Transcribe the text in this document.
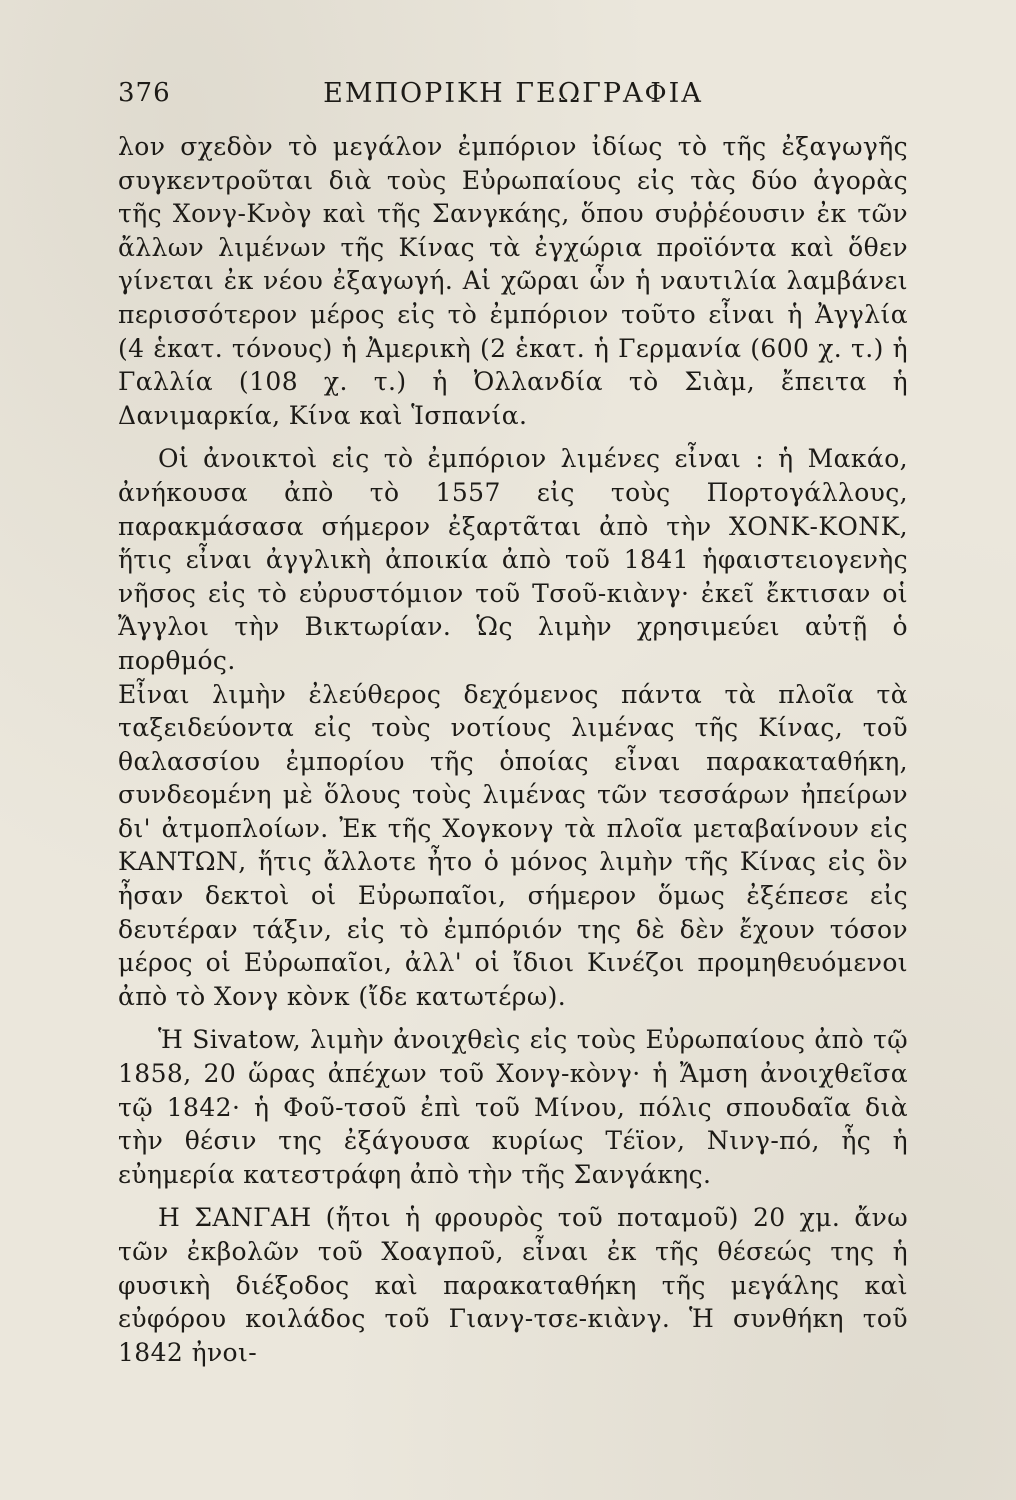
376	ΕΜΠΟΡΙΚΗ ΓΕΩΓΡΑΦΙΑ

λον σχεδὸν τὸ μεγάλον ἐμπόριον ἰδίως τὸ τῆς ἐξαγωγῆς συγκεντροῦται διὰ τοὺς Εὐρωπαίους εἰς τὰς δύο ἀγορὰς τῆς Χονγ-Κνὸγ καὶ τῆς Σανγκάης, ὅπου συῤῥέουσιν ἐκ τῶν ἄλλων λιμένων τῆς Κίνας τὰ ἐγχώρια προϊόντα καὶ ὅθεν γίνεται ἐκ νέου ἐξαγωγή. Αἱ χῶραι ὧν ἡ ναυτιλία λαμβάνει περισσότερον μέρος εἰς τὸ ἐμπόριον τοῦτο εἶναι ἡ Ἀγγλία (4 ἑκατ. τόνους) ἡ Ἀμερικὴ (2 ἑκατ. ἡ Γερμανία (600 χ. τ.) ἡ Γαλλία (108 χ. τ.) ἡ Ὀλλανδία τὸ Σιὰμ, ἔπειτα ἡ Δανιμαρκία, Κίνα καὶ Ἱσπανία.

Οἱ ἀνοικτοὶ εἰς τὸ ἐμπόριον λιμένες εἶναι : ἡ Μακάο, ἀνήκουσα ἀπὸ τὸ 1557 εἰς τοὺς Πορτογάλλους, παρακμάσασα σήμερον ἐξαρτᾶται ἀπὸ τὴν ΧΟΝΚ-ΚΟΝΚ, ἥτις εἶναι ἀγγλικὴ ἀποικία ἀπὸ τοῦ 1841 ἡφαιστειογενὴς νῆσος εἰς τὸ εὐρυστόμιον τοῦ Τσοῦ-κιὰνγ· ἐκεῖ ἔκτισαν οἱ Ἄγγλοι τὴν Βικτωρίαν. Ὡς λιμὴν χρησιμεύει αὐτῇ ὁ πορθμός.

Εἶναι λιμὴν ἐλεύθερος δεχόμενος πάντα τὰ πλοῖα τὰ ταξειδεύοντα εἰς τοὺς νοτίους λιμένας τῆς Κίνας, τοῦ θαλασσίου ἐμπορίου τῆς ὁποίας εἶναι παρακαταθήκη, συνδεομένη μὲ ὅλους τοὺς λιμένας τῶν τεσσάρων ἠπείρων δι' ἀτμοπλοίων. Ἐκ τῆς Χογκονγ τὰ πλοῖα μεταβαίνουν εἰς ΚΑΝΤΩΝ, ἥτις ἄλλοτε ἦτο ὁ μόνος λιμὴν τῆς Κίνας εἰς ὃν ἦσαν δεκτοὶ οἱ Εὐρωπαῖοι, σήμερον ὅμως ἐξέπεσε εἰς δευτέραν τάξιν, εἰς τὸ ἐμπόριόν της δὲ δὲν ἔχουν τόσον μέρος οἱ Εὐρωπαῖοι, ἀλλ' οἱ ἴδιοι Κινέζοι προμηθευόμενοι ἀπὸ τὸ Χονγ κὸνκ (ἴδε κατωτέρω).

Ἡ Sivatow, λιμὴν ἀνοιχθεὶς εἰς τοὺς Εὐρωπαίους ἀπὸ τῷ 1858, 20 ὥρας ἀπέχων τοῦ Χονγ-κὸνγ· ἡ Ἄμση ἀνοιχθεῖσα τῷ 1842· ἡ Φοῦ-τσοῦ ἐπὶ τοῦ Μίνου, πόλις σπουδαῖα διὰ τὴν θέσιν της ἐξάγουσα κυρίως Τέϊον, Νινγ-πό, ἧς ἡ εὐημερία κατεστράφη ἀπὸ τὴν τῆς Σανγάκης.

Η ΣΑΝΓΑΗ (ἤτοι ἡ φρουρὸς τοῦ ποταμοῦ) 20 χμ. ἄνω τῶν ἐκβολῶν τοῦ Χοαγποῦ, εἶναι ἐκ τῆς θέσεώς της ἡ φυσικὴ διέξοδος καὶ παρακαταθήκη τῆς μεγάλης καὶ εὐφόρου κοιλάδος τοῦ Γιανγ-τσε-κιὰνγ. Ἡ συνθήκη τοῦ 1842 ἠνοι-
